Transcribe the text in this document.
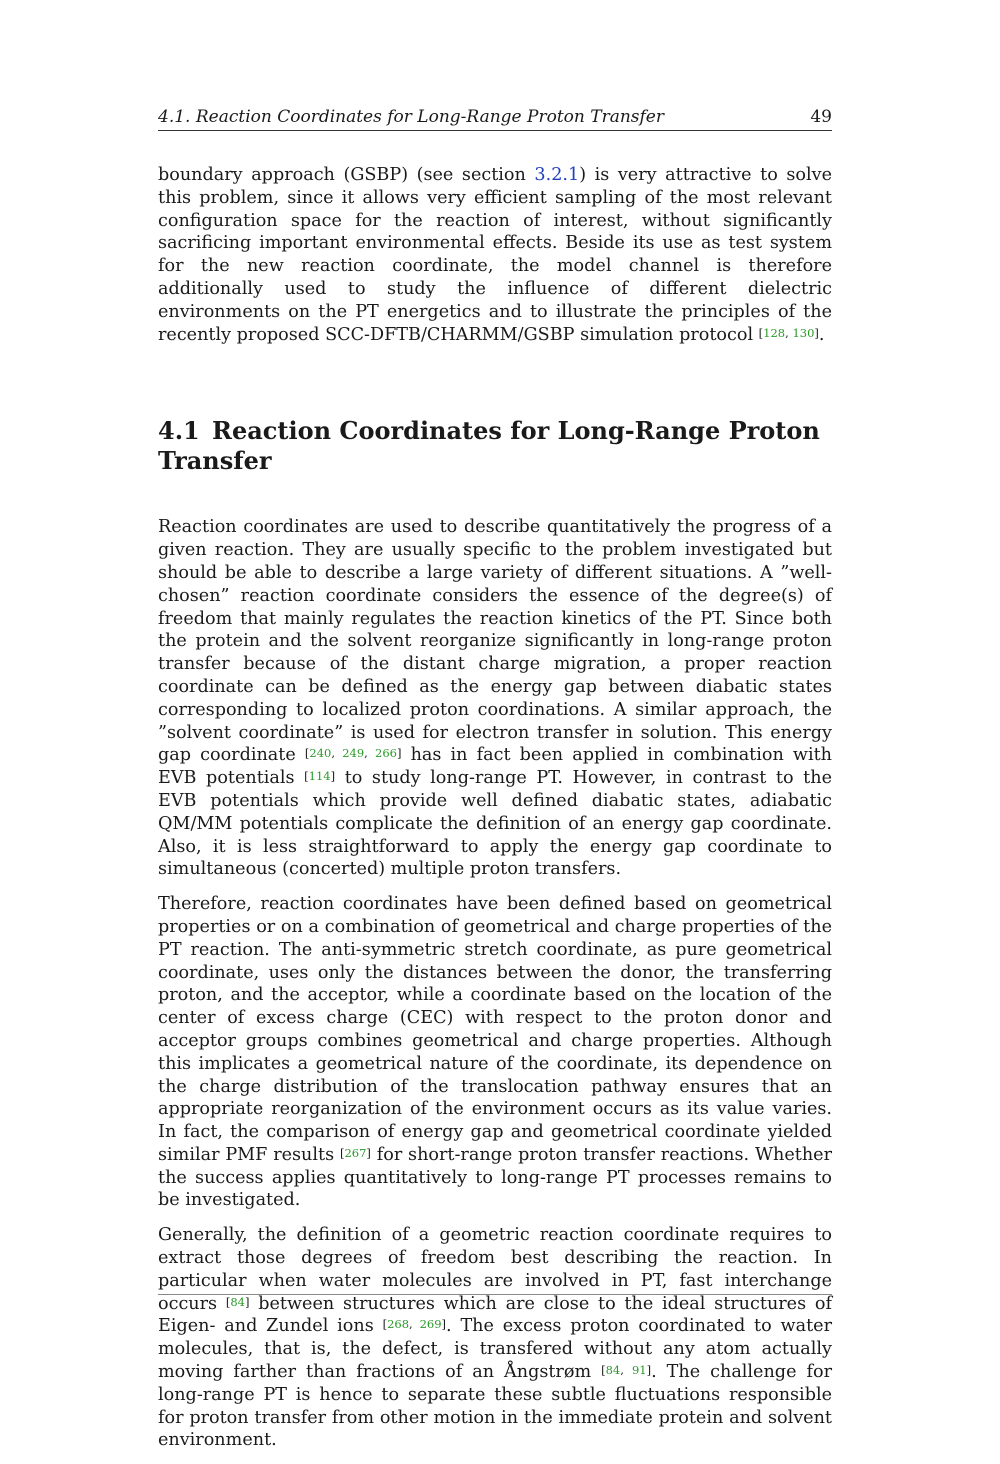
4.1. Reaction Coordinates for Long-Range Proton Transfer	49

boundary approach (GSBP) (see section 3.2.1) is very attractive to solve this problem, since it allows very efficient sampling of the most relevant configuration space for the reaction of interest, without significantly sacrificing important environmental effects. Beside its use as test system for the new reaction coordinate, the model channel is therefore additionally used to study the influence of different dielectric environments on the PT energetics and to illustrate the principles of the recently proposed SCC-DFTB/CHARMM/GSBP simulation protocol $^{[128,}$ $^{130]}$.

4.1 Reaction Coordinates for Long-Range Proton Transfer

Reaction coordinates are used to describe quantitatively the progress of a given reaction. They are usually specific to the problem investigated but should be able to describe a large variety of different situations. A ”well-chosen” reaction coordinate considers the essence of the degree(s) of freedom that mainly regulates the reaction kinetics of the PT. Since both the protein and the solvent reorganize significantly in long-range proton transfer because of the distant charge migration, a proper reaction coordinate can be defined as the energy gap between diabatic states corresponding to localized proton coordinations. A similar approach, the ”solvent coordinate” is used for electron transfer in solution. This energy gap coordinate $^{[240,}$ $^{249,}$ $^{266]}$ has in fact been applied in combination with EVB potentials [114] to study long-range PT. However, in contrast to the EVB potentials which provide well defined diabatic states, adiabatic QM/MM potentials complicate the definition of an energy gap coordinate. Also, it is less straightforward to apply the energy gap coordinate to simultaneous (concerted) multiple proton transfers.

Therefore, reaction coordinates have been defined based on geometrical properties or on a combination of geometrical and charge properties of the PT reaction. The anti-symmetric stretch coordinate, as pure geometrical coordinate, uses only the distances between the donor, the transferring proton, and the acceptor, while a coordinate based on the location of the center of excess charge (CEC) with respect to the proton donor and acceptor groups combines geometrical and charge properties. Although this implicates a geometrical nature of the coordinate, its dependence on the charge distribution of the translocation pathway ensures that an appropriate reorganization of the environment occurs as its value varies. In fact, the comparison of energy gap and geometrical coordinate yielded similar PMF results [267] for short-range proton transfer reactions. Whether the success applies quantitatively to long-range PT processes remains to be investigated.

Generally, the definition of a geometric reaction coordinate requires to extract those degrees of freedom best describing the reaction. In particular when water molecules are involved in PT, fast interchange occurs [84] between structures which are close to the ideal structures of Eigen- and Zundel ions $^{[268,}$ $^{269]}$. The excess proton coordinated to water molecules, that is, the defect, is transfered without any atom actually moving farther than fractions of an Ångstrøm $^{[84,}$ $^{91]}$. The challenge for long-range PT is hence to separate these subtle fluctuations responsible for proton transfer from other motion in the immediate protein and solvent environment.
